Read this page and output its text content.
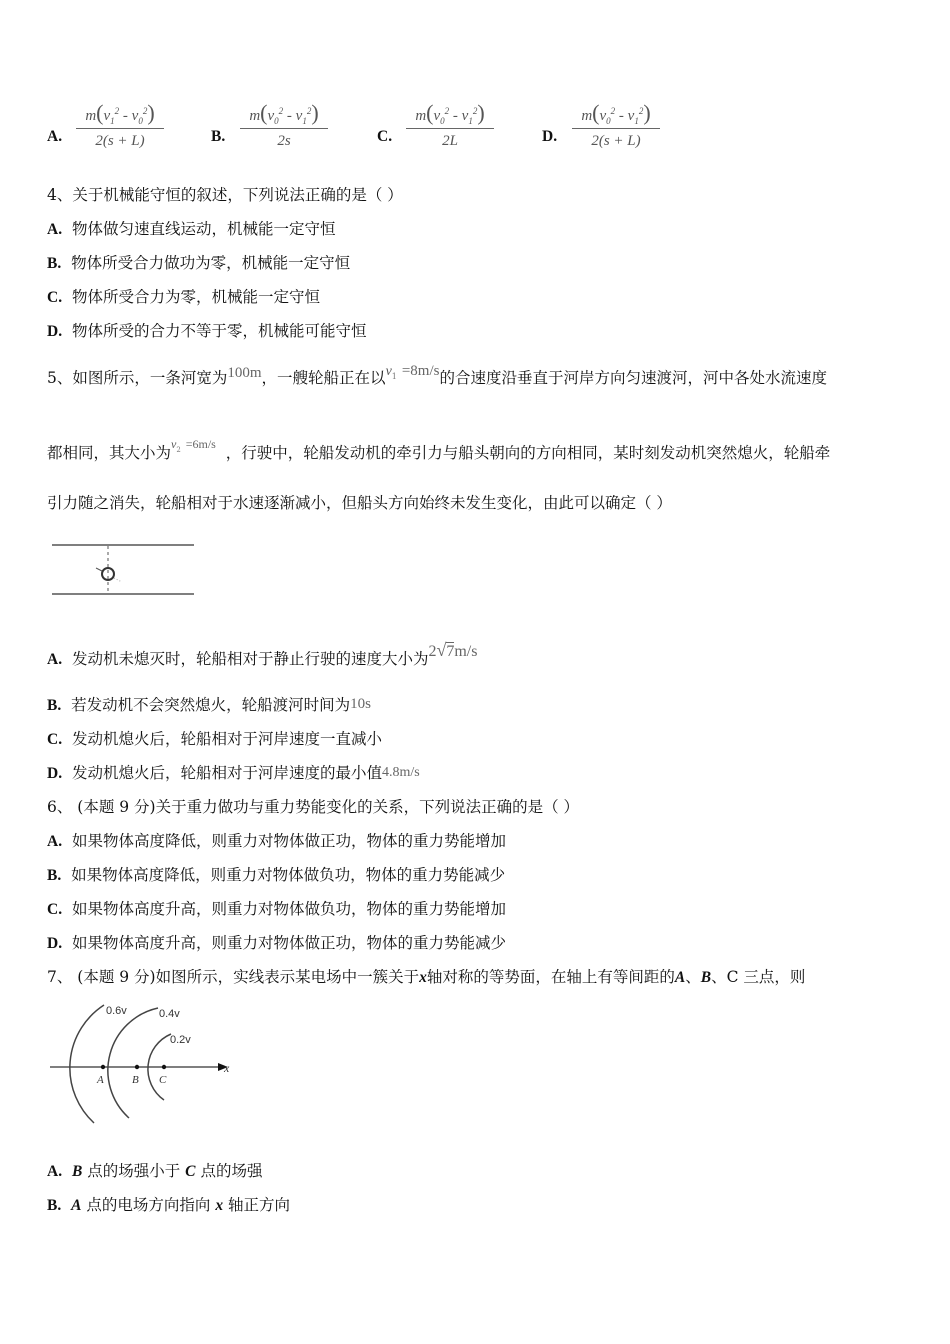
A. $\frac{m(v_1^2 - v_0^2)}{2(s + L)}$	B. $\frac{m(v_0^2 - v_1^2)}{2s}$	C. $\frac{m(v_0^2 - v_1^2)}{2L}$	D. $\frac{m(v_0^2 - v_1^2)}{2(s + L)}$
4、关于机械能守恒的叙述，下列说法正确的是（ ）
A. 物体做匀速直线运动，机械能一定守恒
B. 物体所受合力做功为零，机械能一定守恒
C. 物体所受合力为零，机械能一定守恒
D. 物体所受的合力不等于零，机械能可能守恒
5、如图所示，一条河宽为100m，一艘轮船正在以$v_1 =8m/s$的合速度沿垂直于河岸方向匀速渡河，河中各处水流速度
都相同，其大小为$v_2 =6m/s$ ，行驶中，轮船发动机的牵引力与船头朝向的方向相同，某时刻发动机突然熄火，轮船牵
引力随之消失，轮船相对于水速逐渐减小，但船头方向始终未发生变化，由此可以确定（ ）
A. 发动机未熄灭时，轮船相对于静止行驶的速度大小为2√7m/s
B. 若发动机不会突然熄火，轮船渡河时间为10s
C. 发动机熄火后，轮船相对于河岸速度一直减小
D. 发动机熄火后，轮船相对于河岸速度的最小值4.8m/s
6、 (本题 9 分)关于重力做功与重力势能变化的关系，下列说法正确的是（ ）
A. 如果物体高度降低，则重力对物体做正功，物体的重力势能增加
B. 如果物体高度降低，则重力对物体做负功，物体的重力势能减少
C. 如果物体高度升高，则重力对物体做负功，物体的重力势能增加
D. 如果物体高度升高，则重力对物体做正功，物体的重力势能减少
7、 (本题 9 分)如图所示，实线表示某电场中一簇关于x轴对称的等势面，在轴上有等间距的A、B、C 三点，则
x
0.6v	0.4v
0.2v
A	B C
A. B 点的场强小于 C 点的场强
B. A 点的电场方向指向 x 轴正方向
